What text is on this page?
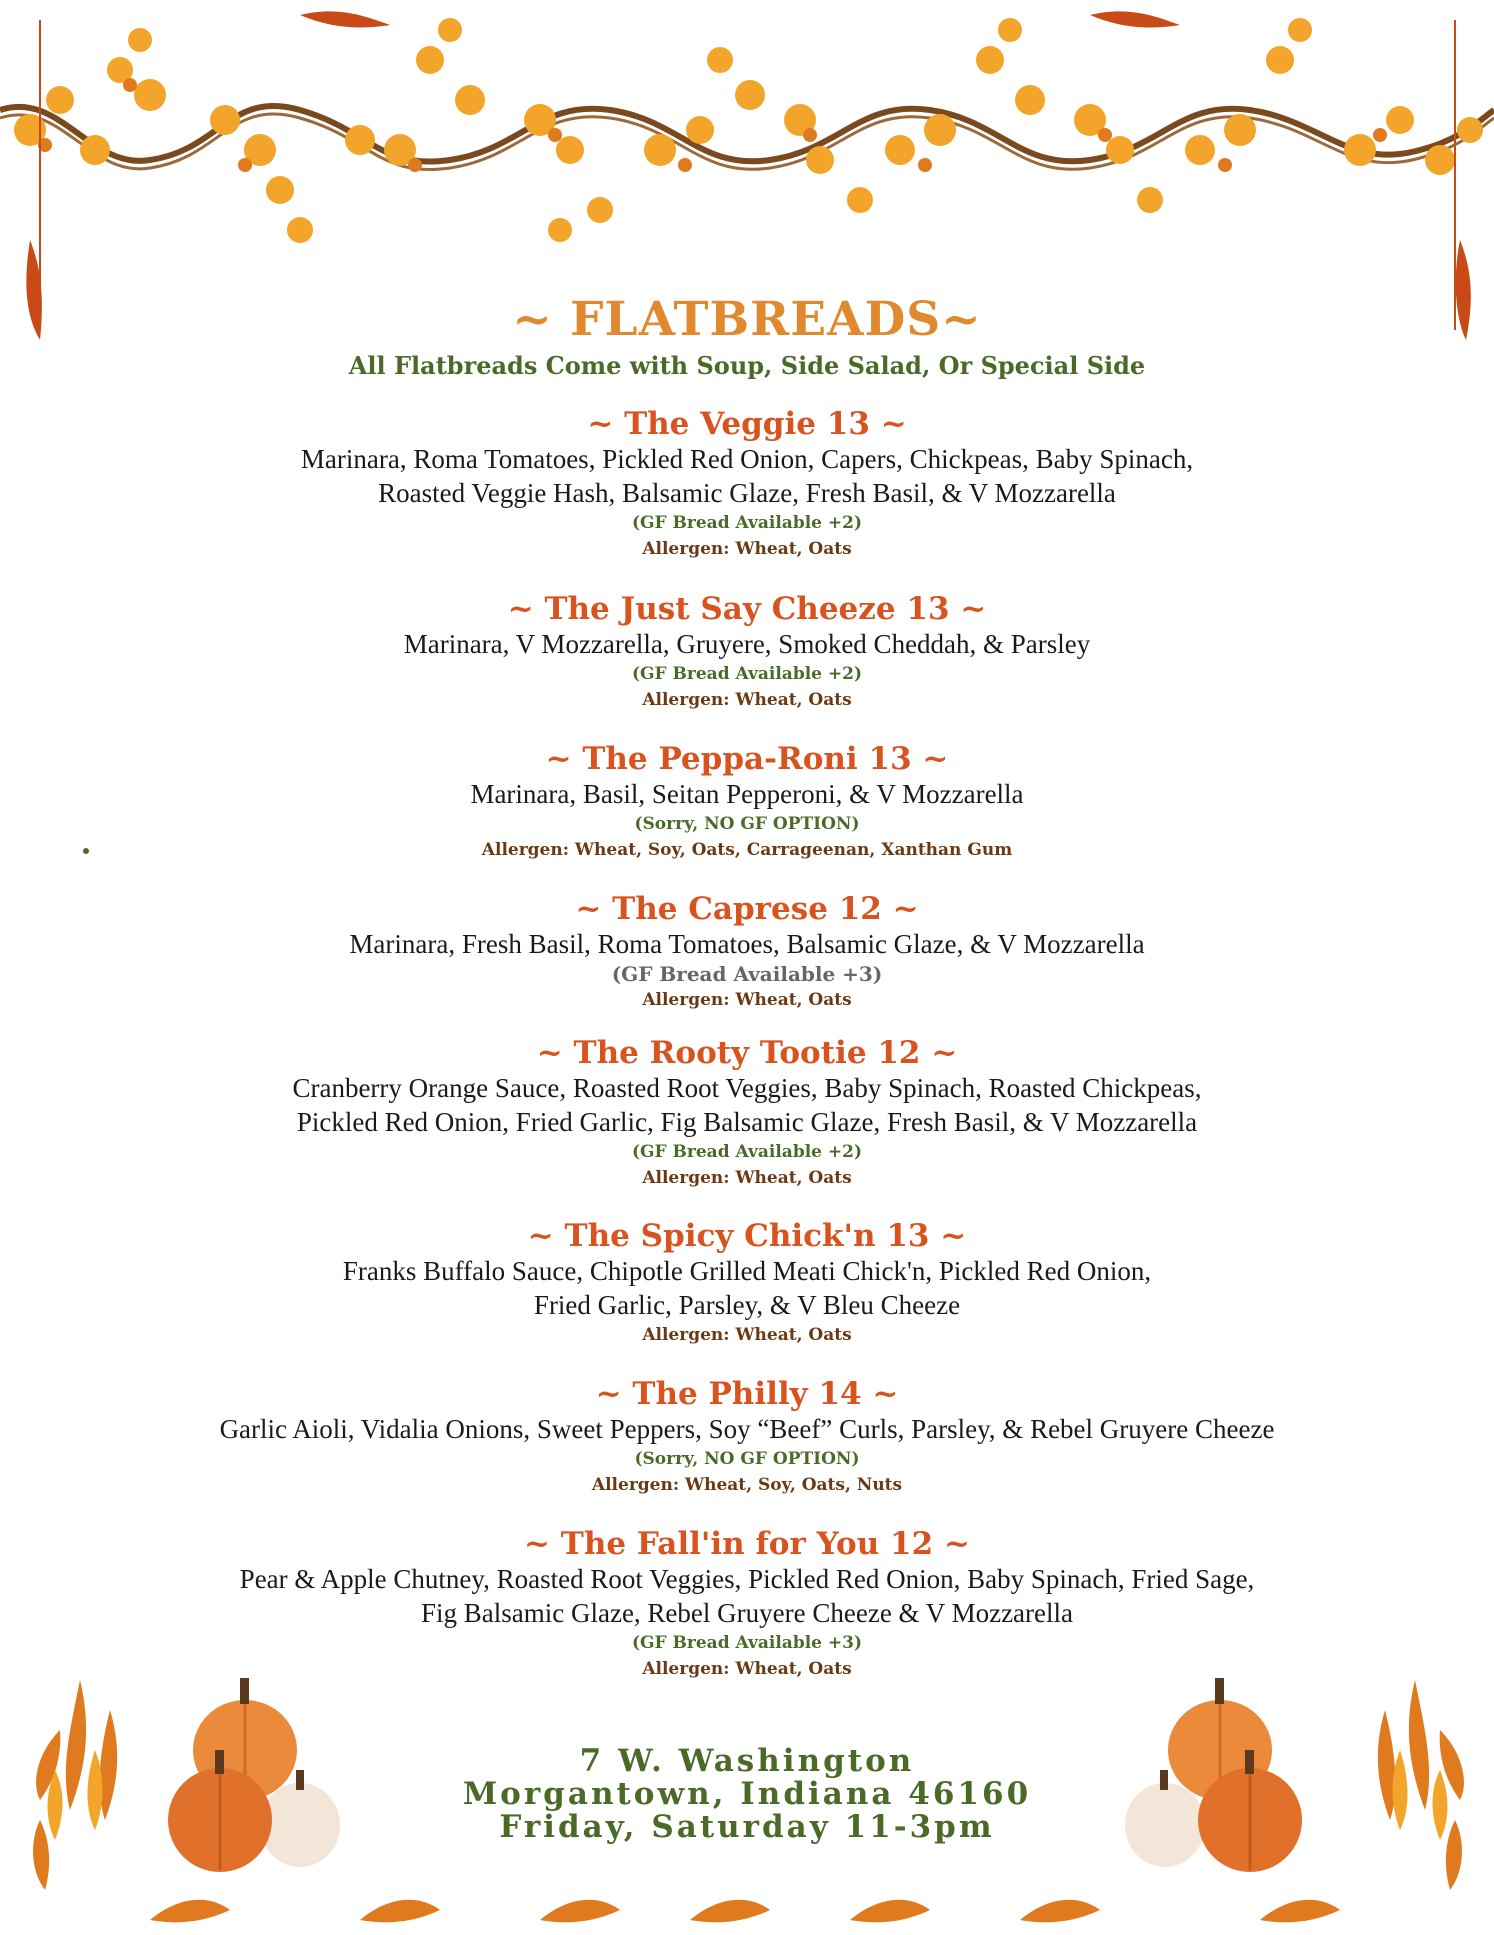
~ FLATBREADS~
All Flatbreads Come with Soup, Side Salad, Or Special Side
~ The Veggie 13 ~
Marinara, Roma Tomatoes, Pickled Red Onion, Capers, Chickpeas, Baby Spinach,
Roasted Veggie Hash, Balsamic Glaze, Fresh Basil, & V Mozzarella
(GF Bread Available +2)
Allergen: Wheat, Oats
~ The Just Say Cheeze 13 ~
Marinara, V Mozzarella, Gruyere, Smoked Cheddah, & Parsley
(GF Bread Available +2)
Allergen: Wheat, Oats
~ The Peppa-Roni 13 ~
Marinara, Basil, Seitan Pepperoni, & V Mozzarella
(Sorry, NO GF OPTION)
Allergen: Wheat, Soy, Oats, Carrageenan, Xanthan Gum
~ The Caprese 12 ~
Marinara, Fresh Basil, Roma Tomatoes, Balsamic Glaze, & V Mozzarella
(GF Bread Available +3)
Allergen: Wheat, Oats
~ The Rooty Tootie 12 ~
Cranberry Orange Sauce, Roasted Root Veggies, Baby Spinach, Roasted Chickpeas,
Pickled Red Onion, Fried Garlic, Fig Balsamic Glaze, Fresh Basil, & V Mozzarella
(GF Bread Available +2)
Allergen: Wheat, Oats
~ The Spicy Chick'n 13 ~
Franks Buffalo Sauce, Chipotle Grilled Meati Chick'n, Pickled Red Onion,
Fried Garlic, Parsley, & V Bleu Cheeze
Allergen: Wheat, Oats
~ The Philly 14 ~
Garlic Aioli, Vidalia Onions, Sweet Peppers, Soy “Beef” Curls, Parsley, & Rebel Gruyere Cheeze
(Sorry, NO GF OPTION)
Allergen: Wheat, Soy, Oats, Nuts
~ The Fall'in for You 12 ~
Pear & Apple Chutney, Roasted Root Veggies, Pickled Red Onion, Baby Spinach, Fried Sage,
Fig Balsamic Glaze, Rebel Gruyere Cheeze & V Mozzarella
(GF Bread Available +3)
Allergen: Wheat, Oats
7 W. Washington
Morgantown, Indiana 46160
Friday, Saturday 11-3pm
